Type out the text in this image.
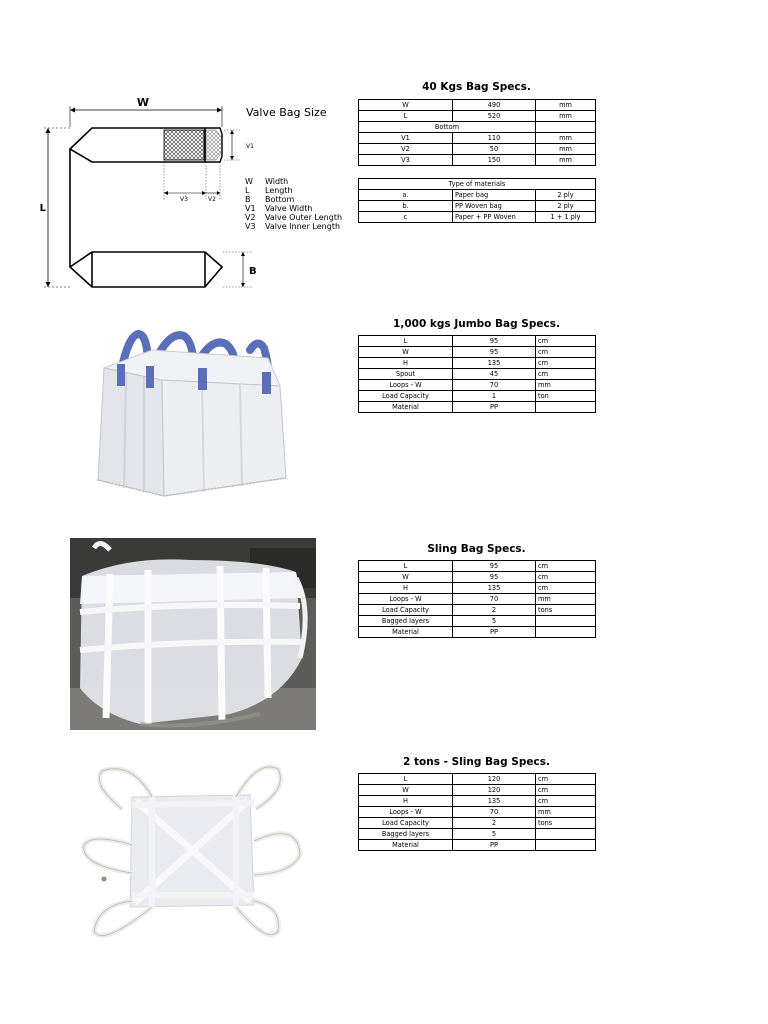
W
L
V1
V3	V2
B
Valve Bag Size
W	Width
L	Length
B	Bottom
V1	Valve Width
V2	Valve Outer Length
V3	Valve Inner Length
40 Kgs Bag Specs.
W	490	mm
L	520	mm
Bottom		
V1	110	mm
V2	50	mm
V3	150	mm
Type of materials		
a.	Paper bag	2 ply
b.	PP Woven bag	2 ply
c	Paper + PP Woven	1 + 1 ply
1,000 kgs Jumbo Bag Specs.
L	95	cm
W	95	cm
H	135	cm
Spout	45	cm
Loops - W	70	mm
Load Capacity	1	ton
Material	PP	
Sling Bag Specs.
L	95	cm
W	95	cm
H	135	cm
Loops - W	70	mm
Load Capacity	2	tons
Bagged layers	5	
Material	PP	
2 tons - Sling Bag Specs.
L	120	cm
W	120	cm
H	135	cm
Loops - W	70	mm
Load Capacity	2	tons
Bagged layers	5	
Material	PP	
